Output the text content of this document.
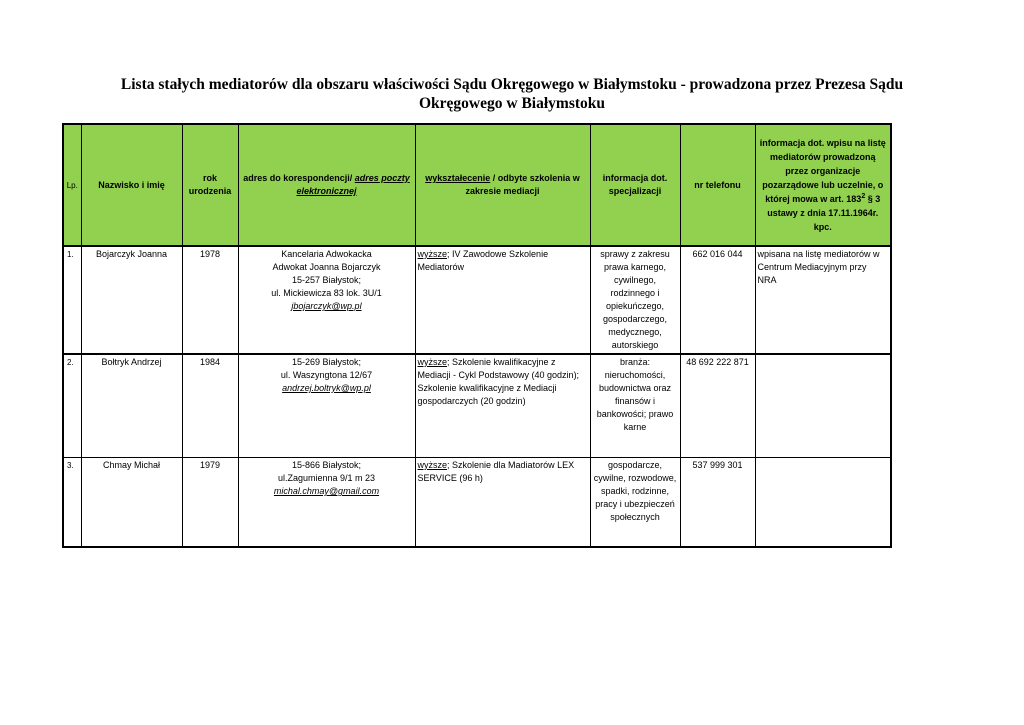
Lista stałych mediatorów dla obszaru właściwości Sądu Okręgowego w Białymstoku - prowadzona przez Prezesa Sądu
Okręgowego w Białymstoku
Lp.	Nazwisko i imię	rok
urodzenia	adres do korespondencji/ adres poczty elektronicznej	wykształecenie / odbyte szkolenia w zakresie mediacji	informacja dot.
specjalizacji	nr telefonu	informacja dot. wpisu na listę mediatorów prowadzoną przez organizacje pozarządowe lub uczelnie, o której mowa w art. $183^2$ § 3 ustawy z dnia 17.11.1964r. kpc.
1.	Bojarczyk Joanna	1978	Kancelaria Adwokacka
Adwokat Joanna Bojarczyk
15-257 Białystok;
ul. Mickiewicza 83 lok. 3U/1
jbojarczyk@wp.pl	wyższe; IV Zawodowe Szkolenie Mediatorów	sprawy z zakresu prawa karnego, cywilnego, rodzinnego i opiekuńczego, gospodarczego, medycznego, autorskiego	662 016 044	wpisana na listę mediatorów w Centrum Mediacyjnym przy NRA
2.	Bołtryk Andrzej	1984	15-269 Białystok;
ul. Waszyngtona 12/67
andrzej.boltryk@wp.pl	wyższe; Szkolenie kwalifikacyjne z Mediacji - Cykl Podstawowy (40 godzin); Szkolenie kwalifikacyjne z Mediacji gospodarczych (20 godzin)	branża: nieruchomości, budownictwa oraz finansów i bankowości; prawo karne	48 692 222 871	
3.	Chmay Michał	1979	15-866 Białystok;
ul.Zagumienna 9/1 m 23
michal.chmay@gmail.com	wyższe; Szkolenie dla Madiatorów LEX SERVICE (96 h)	gospodarcze, cywilne, rozwodowe, spadki, rodzinne, pracy i ubezpieczeń społecznych	537 999 301	
